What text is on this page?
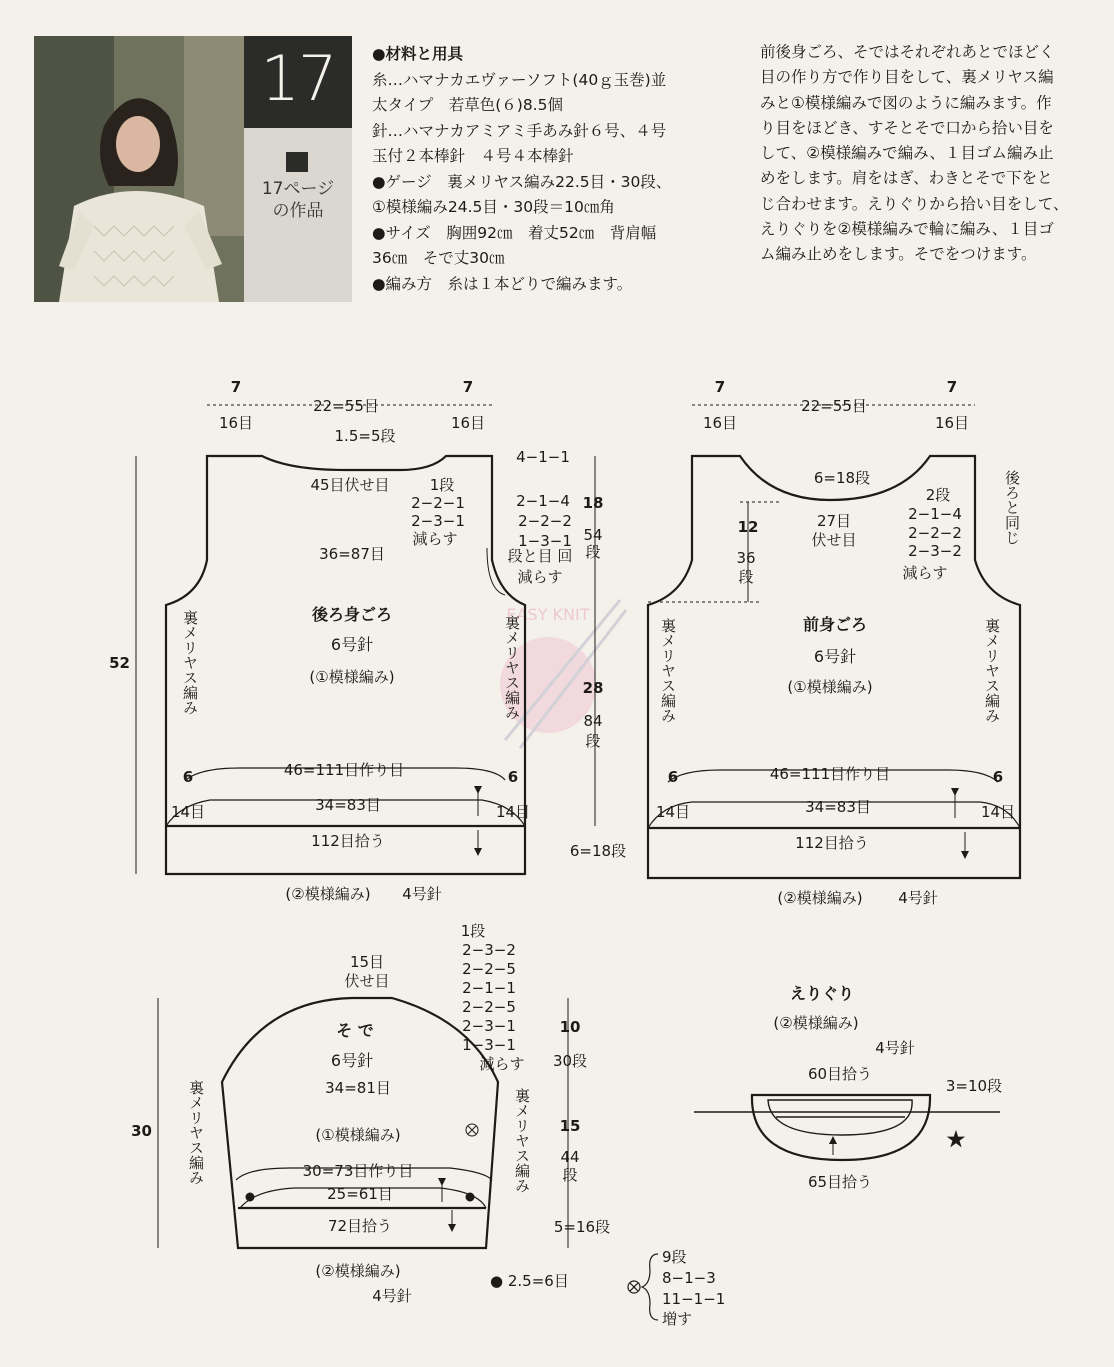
17
17ページ
の作品

●材料と用具

糸…ハマナカエヴァーソフト(40ｇ玉巻)並

太タイプ　若草色(６)8.5個

針…ハマナカアミアミ手あみ針６号、４号

玉付２本棒針　４号４本棒針

●ゲージ　裏メリヤス編み22.5目・30段、

①模様編み24.5目・30段＝10㎝角

●サイズ　胸囲92㎝　着丈52㎝　背肩幅

36㎝　そで丈30㎝

●編み方　糸は１本どりで編みます。

前後身ごろ、そではそれぞれあとでほどく

目の作り方で作り目をして、裏メリヤス編

みと①模様編みで図のように編みます。作

り目をほどき、すそとそで口から拾い目を

して、②模様編みで編み、１目ゴム編み止

めをします。肩をはぎ、わきとそで下をと

じ合わせます。えりぐりから拾い目をして、

えりぐりを②模様編みで輪に編み、１目ゴ

ム編み止めをします。そでをつけます。

EASY KNIT
7
16目
22=55目
7
16目
1.5=5段
45目伏せ目	1段
2−2−1
2−3−1
減らす
4−1−1
2−1−4
2−2−2
1−3−1
段と目 回
減らす
36=87目
後ろ身ごろ
6号針
(①模様編み)
裏メリヤス編み	裏メリヤス編み
46=111目作り目
34=83目
6
14目
6
14目
112目拾う
(②模様編み) 4号針
52
18
54
段
28
84
段
6=18段
7
16目
22=55目
7
16目
6=18段
27目
伏せ目
2段
2−1−4
2−2−2
2−3−2
減らす
後ろと同じ
12
36
段
前身ごろ
6号針
(①模様編み)
裏メリヤス編み	裏メリヤス編み
46=111目作り目
34=83目
6
14目
6
14目
112目拾う
(②模様編み) 4号針
15目
伏せ目
1段
2−3−2
2−2−5
2−1−1
2−2−5
2−3−1
1−3−1
減らす
そ で
6号針
34=81目
(①模様編み)
30=73目作り目
25=61目
72目拾う
(②模様編み)
4号針
裏メリヤス編み	裏メリヤス編み
30
10
30段
15
44
段
5=16段
● 2.5=6目
9段
8−1−3
11−1−1
増す
★
えりぐり
(②模様編み)
4号針
60目拾う
65目拾う
3=10段
